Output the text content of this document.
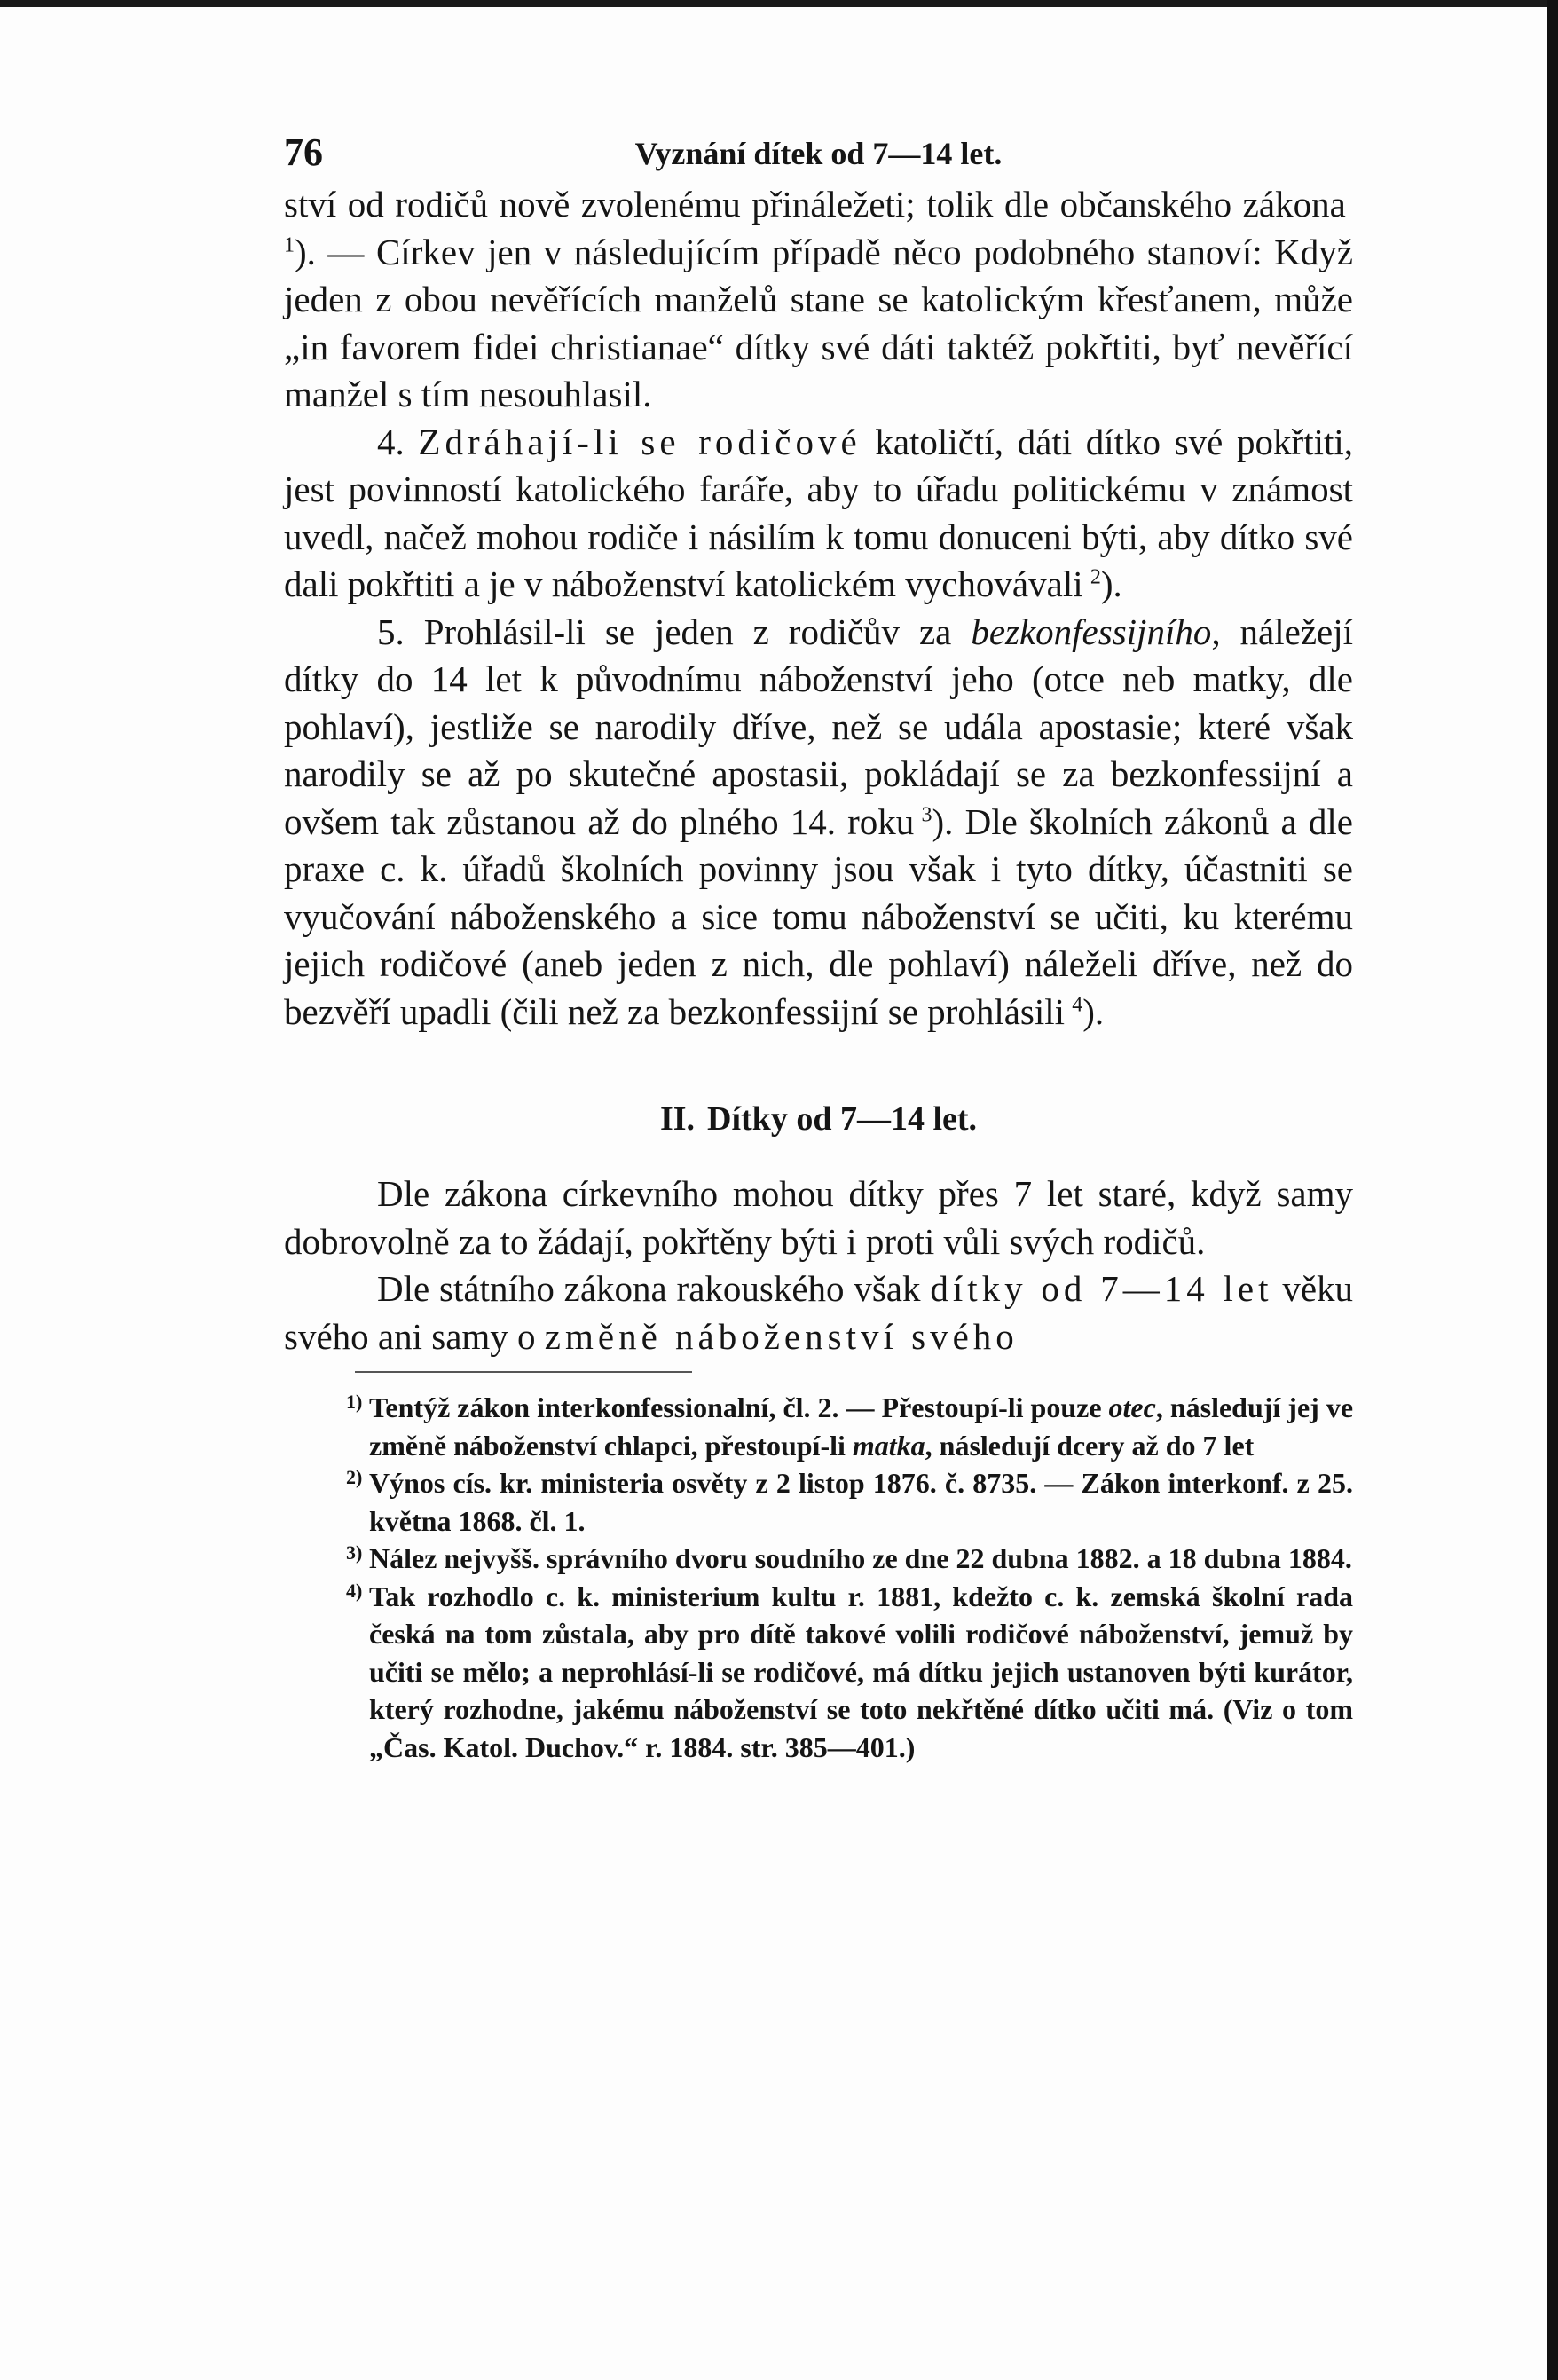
76	Vyznání dítek od 7—14 let.

ství od rodičů nově zvolenému přináležeti; tolik dle občanského zákona $^1$). — Církev jen v následujícím případě něco podobného stanoví: Když jeden z obou nevěřících manželů stane se katolickým křesťanem, může „in favorem fidei christianae“ dítky své dáti taktéž pokřtiti, byť nevěřící manžel s tím nesouhlasil.

4. Zdráhají-li se rodičové katoličtí, dáti dítko své pokřtiti, jest povinností katolického faráře, aby to úřadu politickému v známost uvedl, načež mohou rodiče i násilím k tomu donuceni býti, aby dítko své dali pokřtiti a je v náboženství katolickém vychovávali  $^2$).

5. Prohlásil-li se jeden z rodičův za bezkonfessijního, náležejí dítky do 14 let k původnímu náboženství jeho (otce neb matky, dle pohlaví), jestliže se narodily dříve, než se udála apostasie; které však narodily se až po skutečné apostasii, pokládají se za bezkonfessijní a ovšem tak zůstanou až do plného 14. roku  $^3$). Dle školních zákonů a dle praxe c. k. úřadů školních povinny jsou však i tyto dítky, účastniti se vyučování náboženského a sice tomu náboženství se učiti, ku kterému jejich rodičové (aneb jeden z nich, dle pohlaví) náleželi dříve, než do bezvěří upadli (čili než za bezkonfessijní se prohlásili  $^4$).

II. Dítky od 7—14 let.

Dle zákona církevního mohou dítky přes 7 let staré, když samy dobrovolně za to žádají, pokřtěny býti i proti vůli svých rodičů.

Dle státního zákona rakouského však dítky od 7—14 let věku svého ani samy o změně náboženství svého

1) Tentýž zákon interkonfessionalní, čl. 2. — Přestoupí-li pouze otec, následují jej ve změně náboženství chlapci, přestoupí-li matka, následují dcery až do 7 let
2) Výnos cís. kr. ministeria osvěty z 2 listop 1876. č. 8735. — Zákon interkonf. z 25. května 1868. čl. 1.
3) Nález nejvyšš. správního dvoru soudního ze dne 22 dubna 1882. a 18 dubna 1884.
4) Tak rozhodlo c. k. ministerium kultu r. 1881, kdežto c. k. zemská školní rada česká na tom zůstala, aby pro dítě takové volili rodičové náboženství, jemuž by učiti se mělo; a neprohlásí-li se rodičové, má dítku jejich ustanoven býti kurátor, který rozhodne, jakému náboženství se toto nekřtěné dítko učiti má. (Viz o tom „Čas. Katol. Duchov.“ r. 1884. str. 385—401.)
